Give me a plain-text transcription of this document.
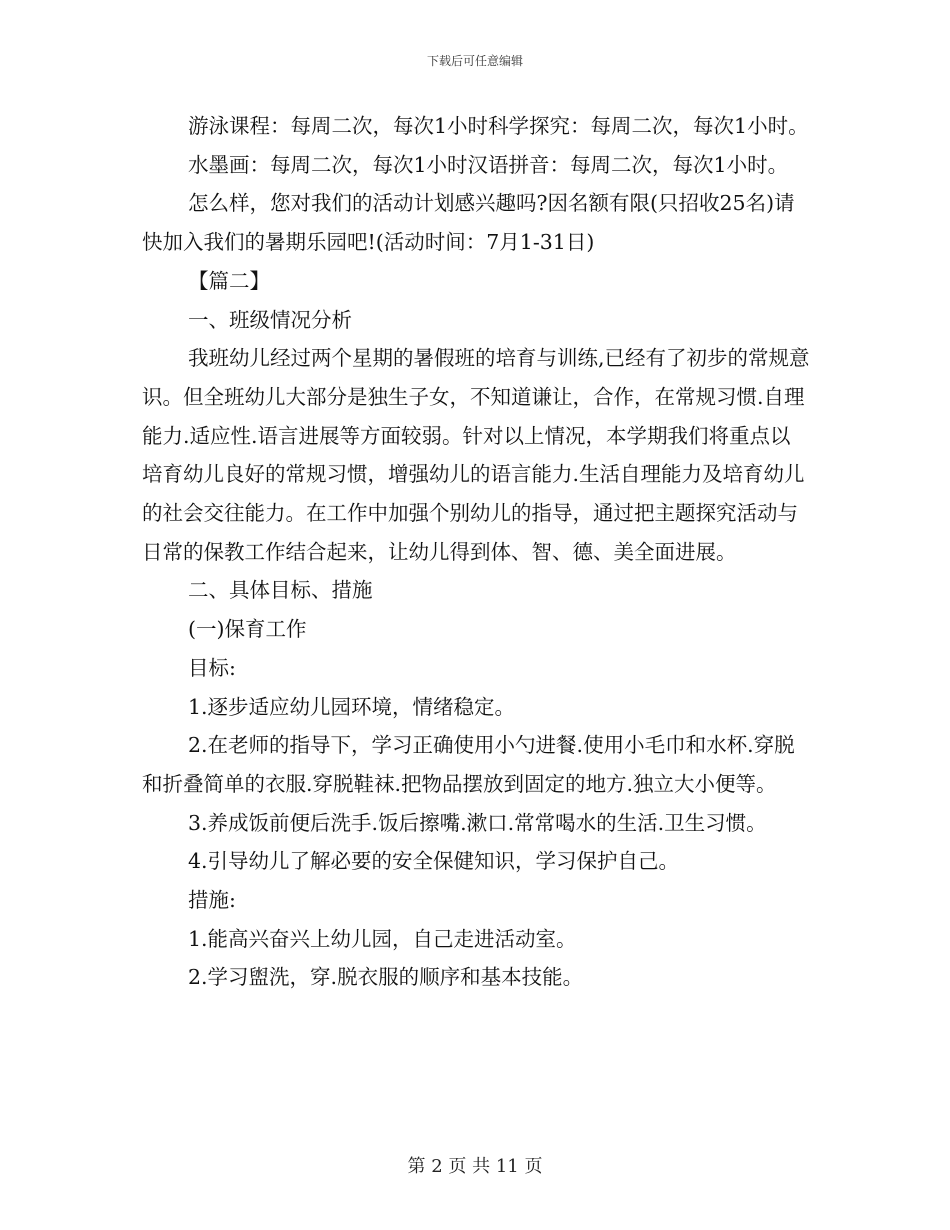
下载后可任意编辑

游泳课程：每周二次，每次1小时科学探究：每周二次，每次1小时。

水墨画：每周二次，每次1小时汉语拼音：每周二次，每次1小时。

怎么样，您对我们的活动计划感兴趣吗?因名额有限(只招收25名)请快加入我们的暑期乐园吧!(活动时间：7月1-31日)

【篇二】

一、班级情况分析

我班幼儿经过两个星期的暑假班的培育与训练,已经有了初步的常规意识。但全班幼儿大部分是独生子女，不知道谦让，合作，在常规习惯.自理能力.适应性.语言进展等方面较弱。针对以上情况，本学期我们将重点以培育幼儿良好的常规习惯，增强幼儿的语言能力.生活自理能力及培育幼儿的社会交往能力。在工作中加强个别幼儿的指导，通过把主题探究活动与日常的保教工作结合起来，让幼儿得到体、智、德、美全面进展。

二、具体目标、措施

(一)保育工作

目标:

1.逐步适应幼儿园环境，情绪稳定。

2.在老师的指导下，学习正确使用小勺进餐.使用小毛巾和水杯.穿脱和折叠简单的衣服.穿脱鞋袜.把物品摆放到固定的地方.独立大小便等。

3.养成饭前便后洗手.饭后擦嘴.漱口.常常喝水的生活.卫生习惯。

4.引导幼儿了解必要的安全保健知识，学习保护自己。

措施:

1.能高兴奋兴上幼儿园，自己走进活动室。

2.学习盥洗，穿.脱衣服的顺序和基本技能。

第 2 页 共 11 页
